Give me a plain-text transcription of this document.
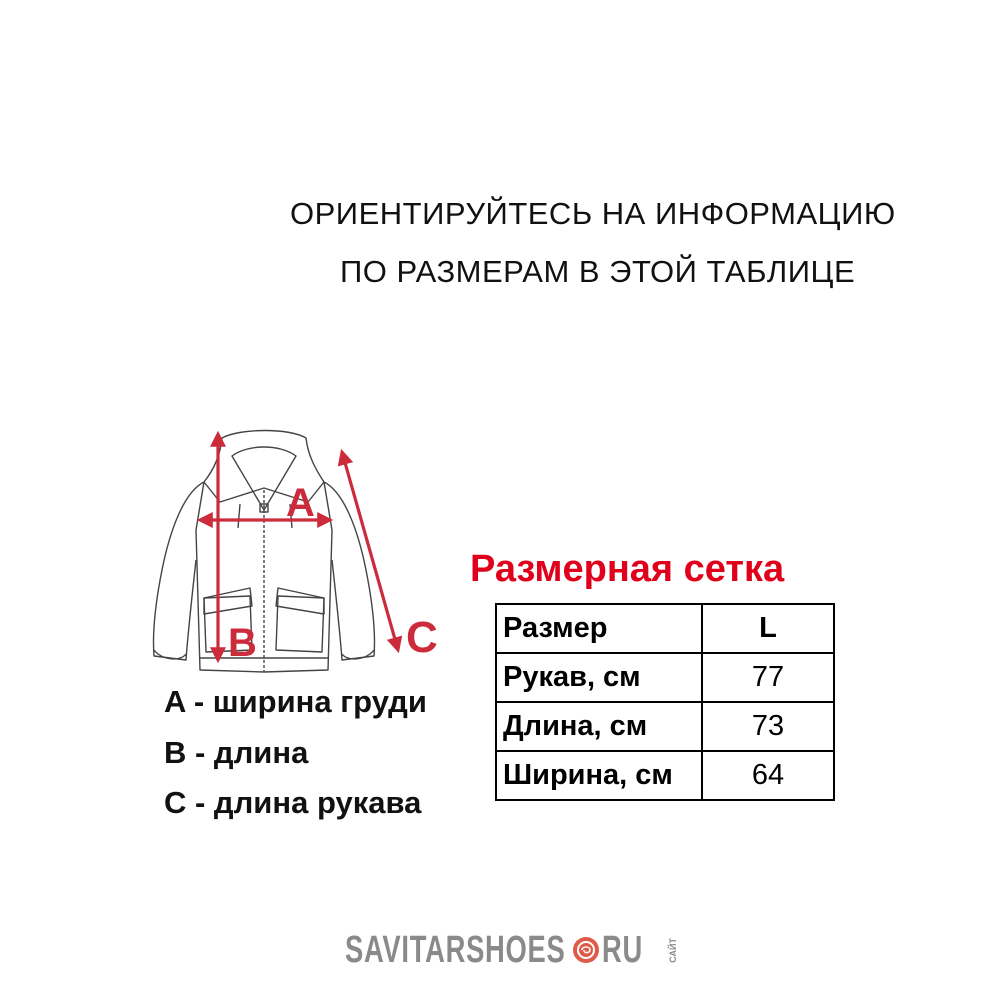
ОРИЕНТИРУЙТЕСЬ НА ИНФОРМАЦИЮ
ПО РАЗМЕРАМ В ЭТОЙ ТАБЛИЦЕ
A
B	C
A - ширина груди
B - длина
C - длина рукава
Размерная сетка
Размер	L
Рукав, см	77
Длина, см	73
Ширина, см	64
SAVITARSHOES RU	САЙТ
